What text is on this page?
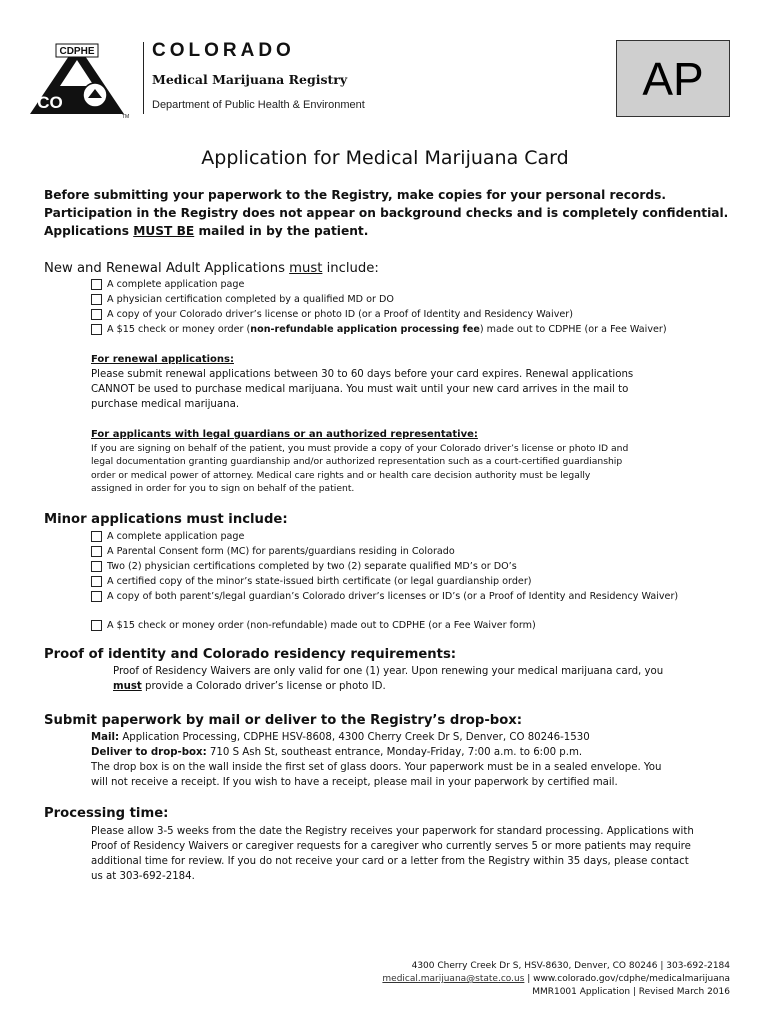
CDPHE
CO
TM
COLORADO
Medical Marijuana Registry
Department of Public Health & Environment
AP
Application for Medical Marijuana Card
Before submitting your paperwork to the Registry, make copies for your personal records.
Participation in the Registry does not appear on background checks and is completely confidential.
Applications MUST BE mailed in by the patient.
New and Renewal Adult Applications must include:
A complete application page
A physician certification completed by a qualified MD or DO
A copy of your Colorado driver’s license or photo ID (or a Proof of Identity and Residency Waiver)
A $15 check or money order (non-refundable application processing fee) made out to CDPHE (or a Fee Waiver)
For renewal applications:
Please submit renewal applications between 30 to 60 days before your card expires. Renewal applications
CANNOT be used to purchase medical marijuana. You must wait until your new card arrives in the mail to
purchase medical marijuana.
For applicants with legal guardians or an authorized representative:
If you are signing on behalf of the patient, you must provide a copy of your Colorado driver’s license or photo ID and
legal documentation granting guardianship and/or authorized representation such as a court-certified guardianship
order or medical power of attorney. Medical care rights and or health care decision authority must be legally
assigned in order for you to sign on behalf of the patient.
Minor applications must include:
A complete application page
A Parental Consent form (MC) for parents/guardians residing in Colorado
Two (2) physician certifications completed by two (2) separate qualified MD’s or DO’s
A certified copy of the minor’s state-issued birth certificate (or legal guardianship order)
A copy of both parent’s/legal guardian’s Colorado driver’s licenses or ID’s (or a Proof of Identity and Residency Waiver)
A $15 check or money order (non-refundable) made out to CDPHE (or a Fee Waiver form)
Proof of identity and Colorado residency requirements:
Proof of Residency Waivers are only valid for one (1) year. Upon renewing your medical marijuana card, you
must provide a Colorado driver’s license or photo ID.
Submit paperwork by mail or deliver to the Registry’s drop-box:
Mail: Application Processing, CDPHE HSV-8608, 4300 Cherry Creek Dr S, Denver, CO 80246-1530
Deliver to drop-box: 710 S Ash St, southeast entrance, Monday-Friday, 7:00 a.m. to 6:00 p.m.
The drop box is on the wall inside the first set of glass doors. Your paperwork must be in a sealed envelope. You
will not receive a receipt. If you wish to have a receipt, please mail in your paperwork by certified mail.
Processing time:
Please allow 3-5 weeks from the date the Registry receives your paperwork for standard processing. Applications with
Proof of Residency Waivers or caregiver requests for a caregiver who currently serves 5 or more patients may require
additional time for review. If you do not receive your card or a letter from the Registry within 35 days, please contact
us at 303-692-2184.
4300 Cherry Creek Dr S, HSV-8630, Denver, CO 80246 | 303-692-2184
medical.marijuana@state.co.us | www.colorado.gov/cdphe/medicalmarijuana
MMR1001 Application | Revised March 2016
